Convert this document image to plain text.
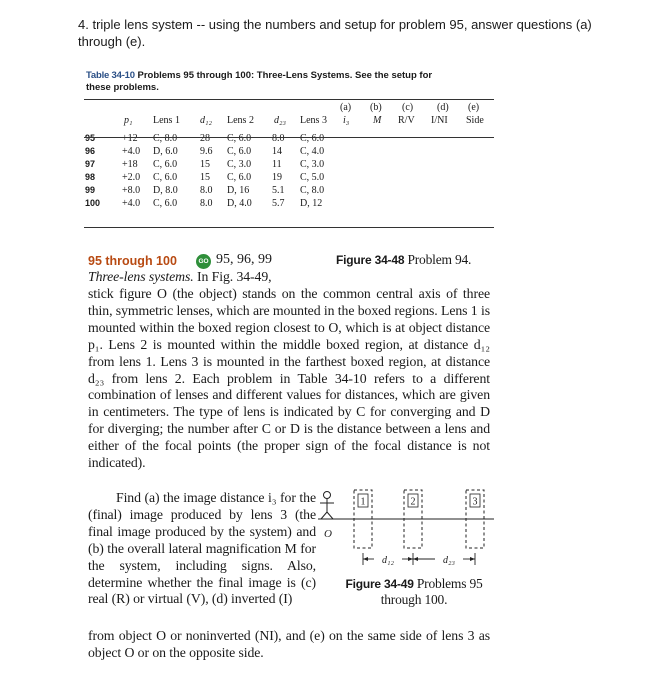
4. triple lens system -- using the numbers and setup for problem 95, answer questions (a) through (e).
Table 34-10 Problems 95 through 100: Three-Lens Systems. See the setup for these problems.
(a) (b) (c) (d) (e)
p₁ Lens 1 d₁₂ Lens 2 d₂₃ Lens 3 i₃ M R/V I/NI Side
95	+12 C, 8.0 28 C, 6.0 8.0 C, 6.0
96	+4.0 D, 6.0 9.6 C, 6.0 14 C, 4.0
97	+18 C, 6.0 15 C, 3.0 11 C, 3.0
98	+2.0 C, 6.0 15 C, 6.0 19 C, 5.0
99	+8.0 D, 8.0 8.0 D, 16 5.1 C, 8.0
100 +4.0 C, 6.0 8.0 D, 4.0 5.7 D, 12
95 through 100	GO 95, 96, 99	Figure 34-48 Problem 94.
Three-lens systems. In Fig. 34-49,
stick figure O (the object) stands on the common central axis of three thin, symmetric lenses, which are mounted in the boxed regions. Lens 1 is mounted within the boxed region closest to O, which is at object distance p₁. Lens 2 is mounted within the middle boxed region, at distance d₁₂ from lens 1. Lens 3 is mounted in the farthest boxed region, at distance d₂₃ from lens 2. Each problem in Table 34-10 refers to a different combination of lenses and different values for distances, which are given in centimeters. The type of lens is indicated by C for converging and D for diverging; the number after C or D is the distance between a lens and either of the focal points (the proper sign of the focal distance is not indicated).
Find (a) the image distance i₃ for the (final) image produced by lens 3 (the final image produced by the system) and (b) the overall lateral magnification M for the system, including signs. Also, determine whether the final image is (c) real (R) or virtual (V), (d) inverted (I)
from object O or noninverted (NI), and (e) on the same side of lens 3 as object O or on the opposite side.
O
1	2	3
d₁₂	d₂₃
Figure 34-49 Problems 95
through 100.
